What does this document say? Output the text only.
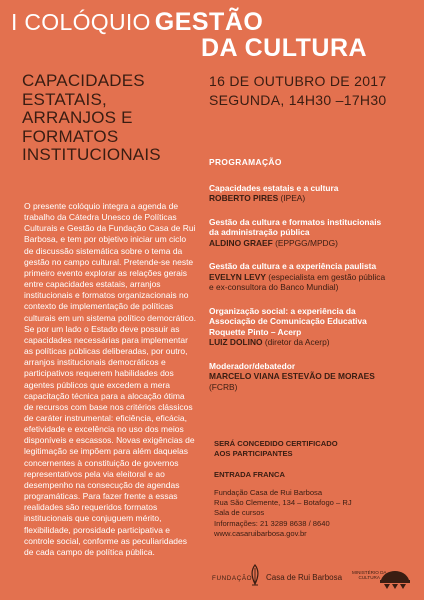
I COLÓQUIO GESTÃO
DA CULTURA
CAPACIDADES
ESTATAIS,
ARRANJOS E
FORMATOS
INSTITUCIONAIS
16 DE OUTUBRO DE 2017
SEGUNDA, 14H30 –17H30
O presente colóquio integra a agenda de trabalho da Cátedra Unesco de Políticas Culturais e Gestão da Fundação Casa de Rui Barbosa, e tem por objetivo iniciar um ciclo de discussão sistemática sobre o tema da gestão no campo cultural. Pretende-se neste primeiro evento explorar as relações gerais entre capacidades estatais, arranjos institucionais e formatos organizacionais no contexto de implementação de políticas culturais em um sistema político democrático. Se por um lado o Estado deve possuir as capacidades necessárias para implementar as políticas públicas deliberadas, por outro, arranjos institucionais democráticos e participativos requerem habilidades dos agentes públicos que excedem a mera capacitação técnica para a alocação ótima de recursos com base nos critérios clássicos de caráter instrumental: eficiência, eficácia, efetividade e excelência no uso dos meios disponíveis e escassos. Novas exigências de legitimação se impõem para além daquelas concernentes à constituição de governos representativos pela via eleitoral e ao desempenho na consecução de agendas programáticas. Para fazer frente a essas realidades são requeridos formatos institucionais que conjuguem mérito, flexibilidade, porosidade participativa e controle social, conforme as peculiaridades de cada campo de política pública.
PROGRAMAÇÃO
Capacidades estatais e a cultura
ROBERTO PIRES (IPEA)
Gestão da cultura e formatos institucionais
da administração pública
ALDINO GRAEF (EPPGG/MPDG)
Gestão da cultura e a experiência paulista
EVELYN LEVY (especialista em gestão pública
e ex-consultora do Banco Mundial)
Organização social: a experiência da
Associação de Comunicação Educativa
Roquette Pinto – Acerp
LUIZ DOLINO (diretor da Acerp)
Moderador/debatedor
MARCELO VIANA ESTEVÃO DE MORAES
(FCRB)
SERÁ CONCEDIDO CERTIFICADO
AOS PARTICIPANTES
ENTRADA FRANCA
Fundação Casa de Rui Barbosa
Rua São Clemente, 134 – Botafogo – RJ
Sala de cursos
Informações: 21 3289 8638 / 8640
www.casaruibarbosa.gov.br
FUNDAÇÃO Casa de Rui Barbosa
MINISTÉRIO DA
CULTURA
